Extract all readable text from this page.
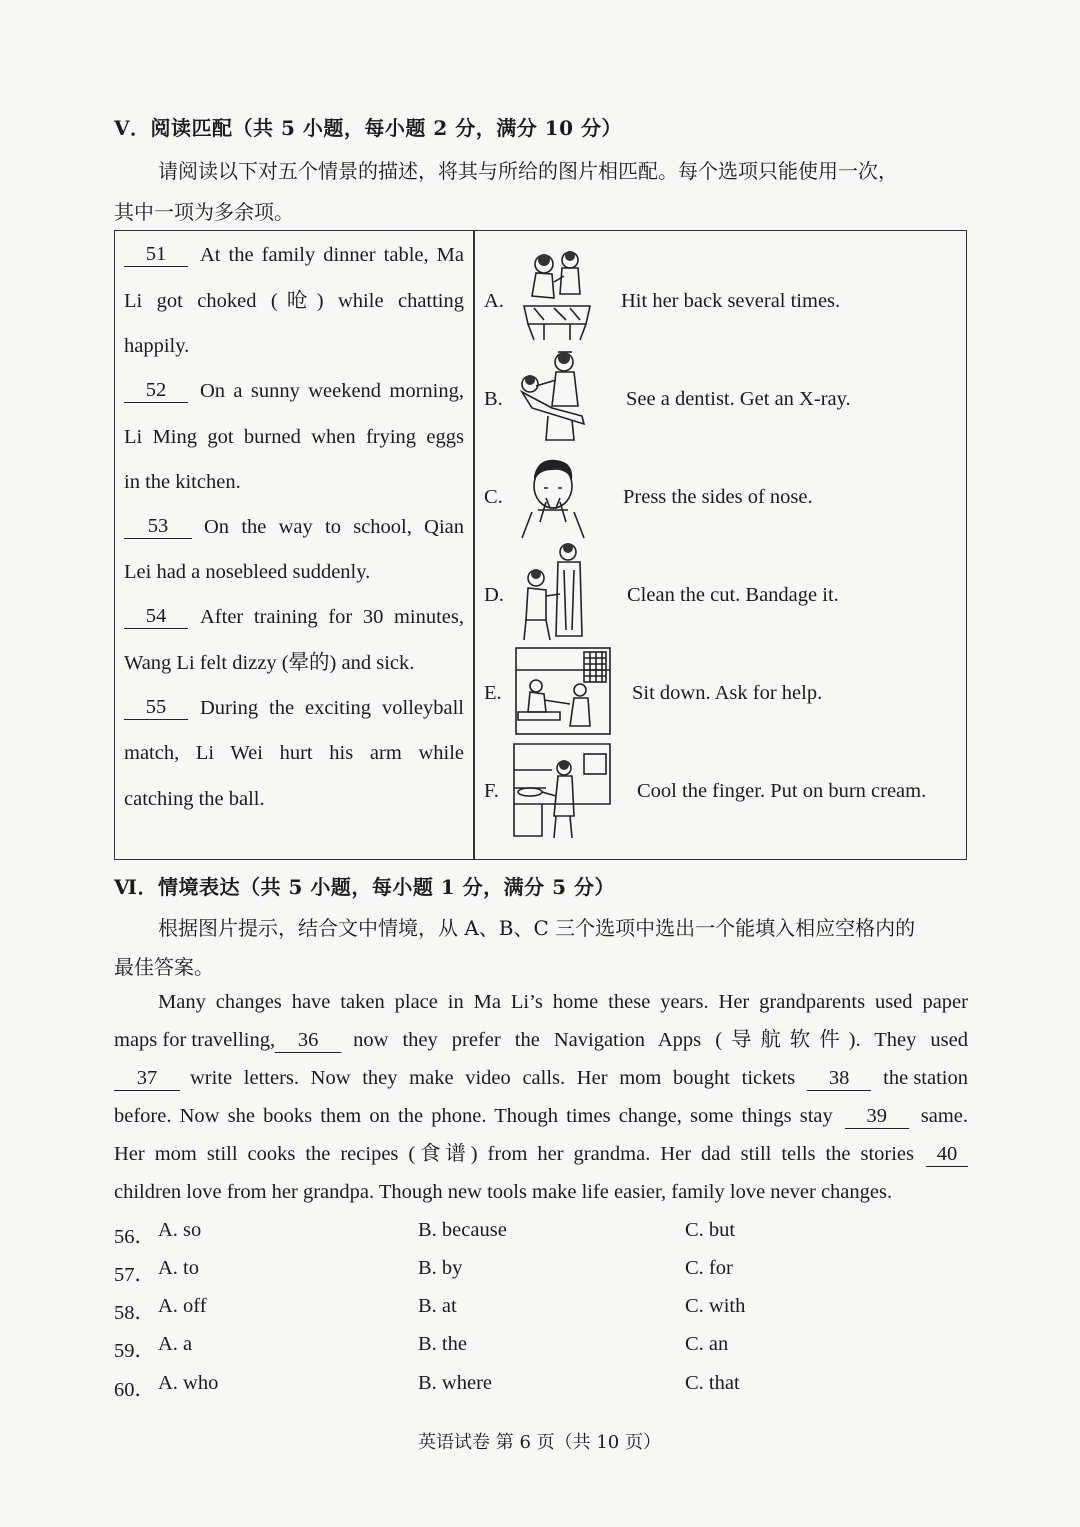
Ⅴ．阅读匹配（共 5 小题，每小题 2 分，满分 10 分）
请阅读以下对五个情景的描述，将其与所给的图片相匹配。每个选项只能使用一次，
其中一项为多余项。
51	At the family dinner table, Ma
Li got choked (呛) while chatting
happily.
52	On a sunny weekend morning,
Li Ming got burned when frying eggs
in the kitchen.
53	On the way to school, Qian
Lei had a nosebleed suddenly.
54	After training for 30 minutes,
Wang Li felt dizzy (晕的) and sick.
55	During the exciting volleyball
match, Li Wei hurt his arm while
catching the ball.
A.	Hit her back several times.
B.	See a dentist. Get an X-ray.
C.	Press the sides of nose.
D.	Clean the cut. Bandage it.
E.	Sit down. Ask for help.
F.	Cool the finger. Put on burn cream.
Ⅵ．情境表达（共 5 小题，每小题 1 分，满分 5 分）
根据图片提示，结合文中情境，从 A、B、C 三个选项中选出一个能填入相应空格内的
最佳答案。
Many changes have taken place in Ma Li’s home these years. Her grandparents used paper
maps for travelling,	36	now they prefer the Navigation Apps (导航软件). They used
37	write letters. Now they make video calls. Her mom bought tickets	38	the station
before. Now she books them on the phone. Though times change, some things stay	39	same.
Her mom still cooks the recipes (食谱) from her grandma. Her dad still tells the stories	40
children love from her grandpa. Though new tools make life easier, family love never changes.
56． A. so	B. because	C. but
57． A. to	B. by	C. for
58． A. off	B. at	C. with
59． A. a	B. the	C. an
60． A. who	B. where	C. that
英语试卷 第 6 页（共 10 页）
